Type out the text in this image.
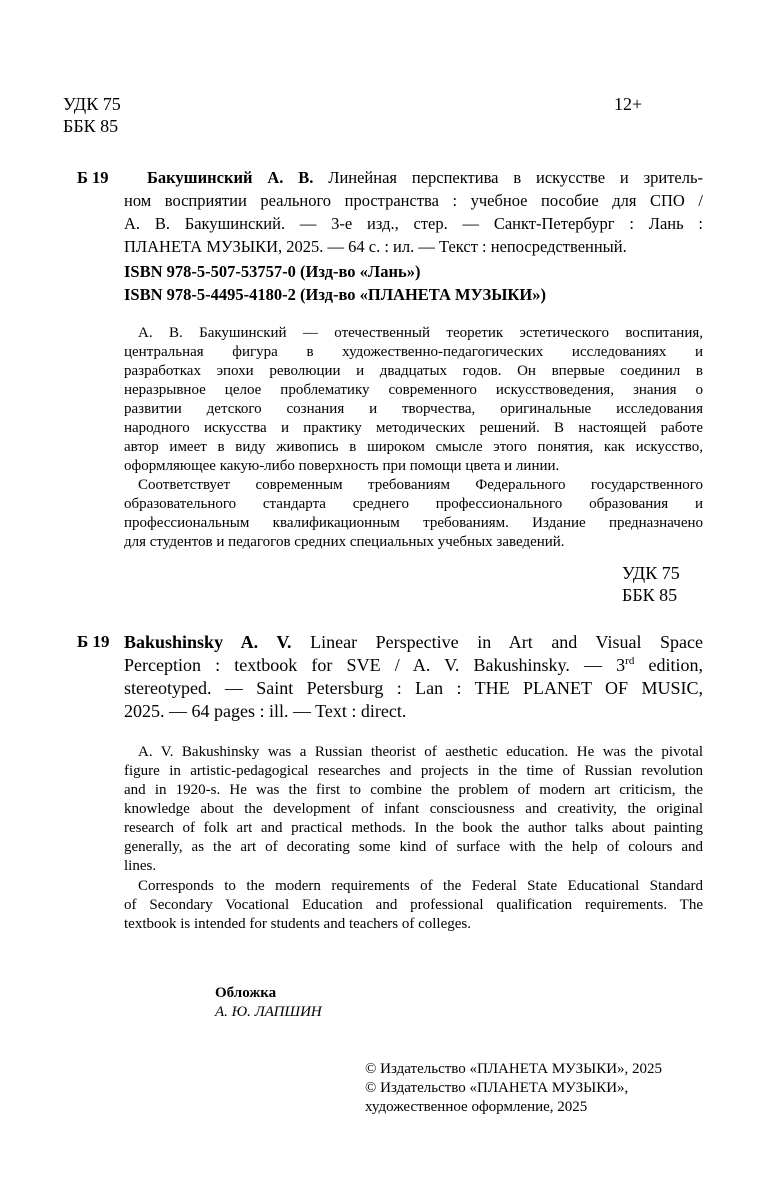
УДК 75
ББК 85
12+
Б 19 Бакушинский А. В. Линейная перспектива в искусстве и зритель-
ном восприятии реального пространства : учебное пособие для СПО /
А. В. Бакушинский. — 3-е изд., стер. — Санкт-Петербург : Лань :
ПЛАНЕТА МУЗЫКИ, 2025. — 64 с. : ил. — Текст : непосредственный.
ISBN 978-5-507-53757-0 (Изд-во «Лань»)
ISBN 978-5-4495-4180-2 (Изд-во «ПЛАНЕТА МУЗЫКИ»)
А. В. Бакушинский — отечественный теоретик эстетического воспитания,
центральная фигура в художественно-педагогических исследованиях и
разработках эпохи революции и двадцатых годов. Он впервые соединил в
неразрывное целое проблематику современного искусствоведения, знания о
развитии детского сознания и творчества, оригинальные исследования
народного искусства и практику методических решений. В настоящей работе
автор имеет в виду живопись в широком смысле этого понятия, как искусство,
оформляющее какую-либо поверхность при помощи цвета и линии.
Соответствует современным требованиям Федерального государственного
образовательного стандарта среднего профессионального образования и
профессиональным квалификационным требованиям. Издание предназначено
для студентов и педагогов средних специальных учебных заведений.
УДК 75
ББК 85
Б 19 Bakushinsky A. V. Linear Perspective in Art and Visual Space
Perception : textbook for SVE / A. V. Bakushinsky. — 3rd edition,
stereotyped. — Saint Petersburg : Lan : THE PLANET OF MUSIC,
2025. — 64 pages : ill. — Text : direct.
A. V. Bakushinsky was a Russian theorist of aesthetic education. He was the pivotal
figure in artistic-pedagogical researches and projects in the time of Russian revolution
and in 1920-s. He was the first to combine the problem of modern art criticism, the
knowledge about the development of infant consciousness and creativity, the original
research of folk art and practical methods. In the book the author talks about painting
generally, as the art of decorating some kind of surface with the help of colours and
lines.
Corresponds to the modern requirements of the Federal State Educational Standard
of Secondary Vocational Education and professional qualification requirements. The
textbook is intended for students and teachers of colleges.
Обложка
А. Ю. ЛАПШИН
© Издательство «ПЛАНЕТА МУЗЫКИ», 2025
© Издательство «ПЛАНЕТА МУЗЫКИ»,
художественное оформление, 2025
